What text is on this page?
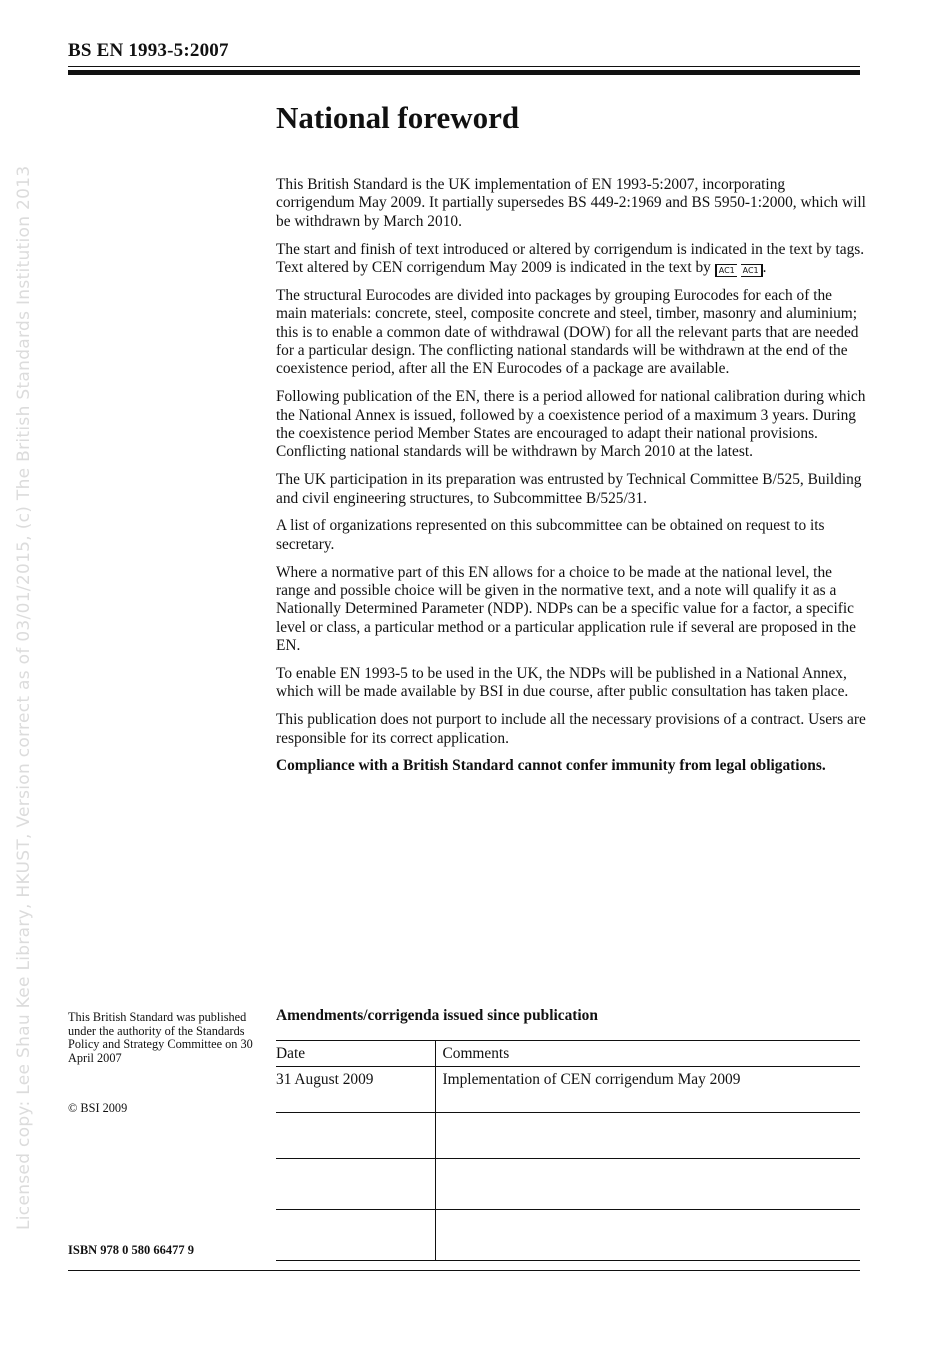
BS EN 1993-5:2007
Licensed copy: Lee Shau Kee Library, HKUST, Version correct as of 03/01/2015, (c) The British Standards Institution 2013
National foreword

This British Standard is the UK implementation of EN 1993-5:2007, incorporating corrigendum May 2009. It partially supersedes BS 449-2:1969 and BS 5950-1:2000, which will be withdrawn by March 2010.

The start and finish of text introduced or altered by corrigendum is indicated in the text by tags. Text altered by CEN corrigendum May 2009 is indicated in the text by AC1 AC1 .

The structural Eurocodes are divided into packages by grouping Eurocodes for each of the main materials: concrete, steel, composite concrete and steel, timber, masonry and aluminium; this is to enable a common date of withdrawal (DOW) for all the relevant parts that are needed for a particular design. The conflicting national standards will be withdrawn at the end of the coexistence period, after all the EN Eurocodes of a package are available.

Following publication of the EN, there is a period allowed for national calibration during which the National Annex is issued, followed by a coexistence period of a maximum 3 years. During the coexistence period Member States are encouraged to adapt their national provisions. Conflicting national standards will be withdrawn by March 2010 at the latest.

The UK participation in its preparation was entrusted by Technical Committee B/525, Building and civil engineering structures, to Subcommittee B/525/31.

A list of organizations represented on this subcommittee can be obtained on request to its secretary.

Where a normative part of this EN allows for a choice to be made at the national level, the range and possible choice will be given in the normative text, and a note will qualify it as a Nationally Determined Parameter (NDP). NDPs can be a specific value for a factor, a specific level or class, a particular method or a particular application rule if several are proposed in the EN.

To enable EN 1993-5 to be used in the UK, the NDPs will be published in a National Annex, which will be made available by BSI in due course, after public consultation has taken place.

This publication does not purport to include all the necessary provisions of a contract. Users are responsible for its correct application.

Compliance with a British Standard cannot confer immunity from legal obligations.

This British Standard was published under the authority of the Standards Policy and Strategy Committee on 30 April 2007
© BSI 2009
ISBN 978 0 580 66477 9
Amendments/corrigenda issued since publication
Date	Comments
31 August 2009	Implementation of CEN corrigendum May 2009
